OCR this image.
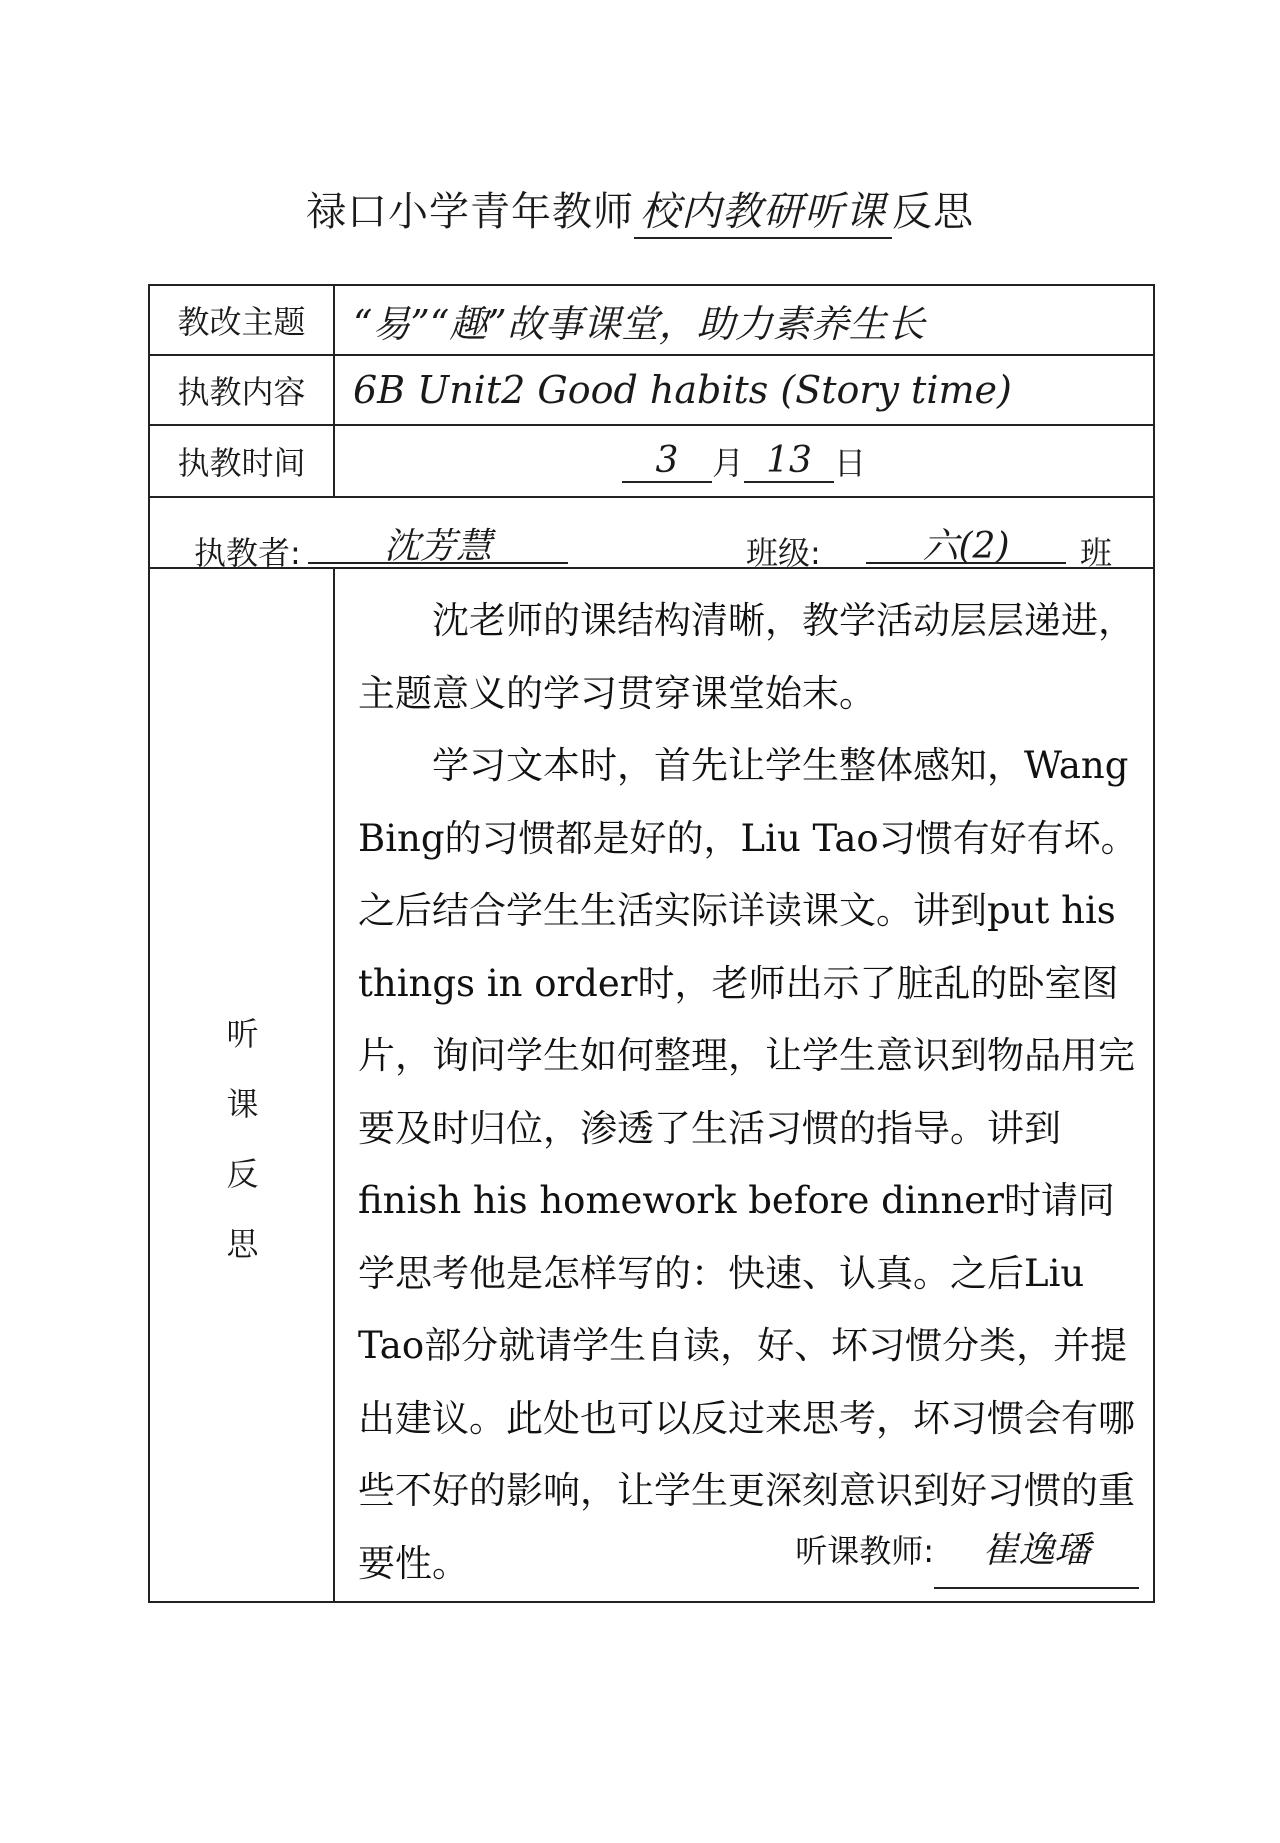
禄口小学青年教师 校内教研听课 反思
教改主题	“易”“趣”故事课堂，助力素养生长
执教内容	6B Unit2 Good habits (Story time)
执教时间	3	月 13 日
执教者:	沈芳慧	班级:	六(2)	班
听
课
反
思

沈老师的课结构清晰，教学活动层层递进，主题意义的学习贯穿课堂始末。

学习文本时，首先让学生整体感知，Wang Bing的习惯都是好的，Liu Tao习惯有好有坏。之后结合学生生活实际详读课文。讲到put his things in order时，老师出示了脏乱的卧室图片，询问学生如何整理，让学生意识到物品用完要及时归位，渗透了生活习惯的指导。讲到finish his homework before dinner时请同学思考他是怎样写的：快速、认真。之后Liu Tao部分就请学生自读，好、坏习惯分类，并提出建议。此处也可以反过来思考，坏习惯会有哪些不好的影响，让学生更深刻意识到好习惯的重要性。	听课教师: 崔逸璠
